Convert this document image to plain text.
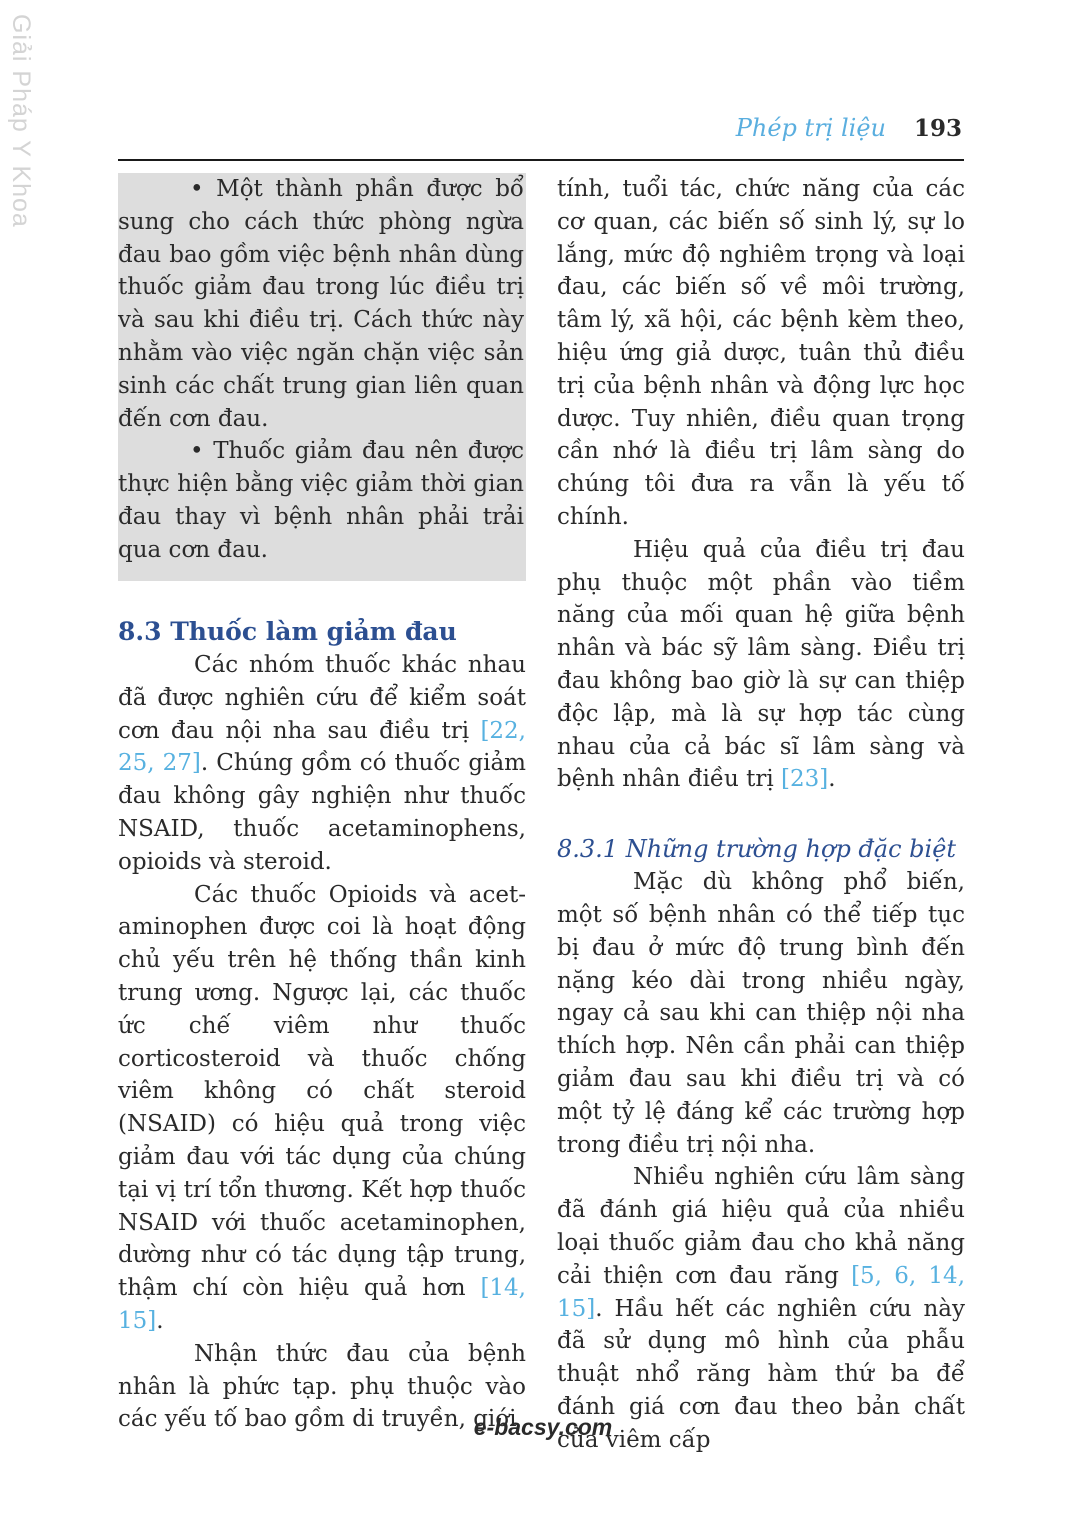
Giải Pháp Y Khoa	Phép trị liệu 193

• Một thành phần được bổ sung cho cách thức phòng ngừa đau bao gồm việc bệnh nhân dùng thuốc giảm đau trong lúc điều trị và sau khi điều trị. Cách thức này nhằm vào việc ngăn chặn việc sản sinh các chất trung gian liên quan đến cơn đau.

• Thuốc giảm đau nên được thực hiện bằng việc giảm thời gian đau thay vì bệnh nhân phải trải qua cơn đau.

8.3 Thuốc làm giảm đau

Các nhóm thuốc khác nhau đã được nghiên cứu để kiểm soát cơn đau nội nha sau điều trị [22, 25, 27]. Chúng gồm có thuốc giảm đau không gây nghiện như thuốc NSAID, thuốc acetaminophens, opioids và steroid.

Các thuốc Opioids và acetaminophen được coi là hoạt động chủ yếu trên hệ thống thần kinh trung ương. Ngược lại, các thuốc ức chế viêm như thuốc corticosteroid và thuốc chống viêm không có chất steroid (NSAID) có hiệu quả trong việc giảm đau với tác dụng của chúng tại vị trí tổn thương. Kết hợp thuốc NSAID với thuốc acetaminophen, dường như có tác dụng tập trung, thậm chí còn hiệu quả hơn [14, 15].

Nhận thức đau của bệnh nhân là phức tạp. phụ thuộc vào các yếu tố bao gồm di truyền, giới

tính, tuổi tác, chức năng của các cơ quan, các biến số sinh lý, sự lo lắng, mức độ nghiêm trọng và loại đau, các biến số về môi trường, tâm lý, xã hội, các bệnh kèm theo, hiệu ứng giả dược, tuân thủ điều trị của bệnh nhân và động lực học dược. Tuy nhiên, điều quan trọng cần nhớ là điều trị lâm sàng do chúng tôi đưa ra vẫn là yếu tố chính.

Hiệu quả của điều trị đau phụ thuộc một phần vào tiềm năng của mối quan hệ giữa bệnh nhân và bác sỹ lâm sàng. Điều trị đau không bao giờ là sự can thiệp độc lập, mà là sự hợp tác cùng nhau của cả bác sĩ lâm sàng và bệnh nhân điều trị [23].

8.3.1 Những trường hợp đặc biệt

Mặc dù không phổ biến, một số bệnh nhân có thể tiếp tục bị đau ở mức độ trung bình đến nặng kéo dài trong nhiều ngày, ngay cả sau khi can thiệp nội nha thích hợp. Nên cần phải can thiệp giảm đau sau khi điều trị và có một tỷ lệ đáng kể các trường hợp trong điều trị nội nha.

Nhiều nghiên cứu lâm sàng đã đánh giá hiệu quả của nhiều loại thuốc giảm đau cho khả năng cải thiện cơn đau răng [5, 6, 14, 15]. Hầu hết các nghiên cứu này đã sử dụng mô hình của phẫu thuật nhổ răng hàm thứ ba để đánh giá cơn đau theo bản chất của viêm cấp

e-bacsy.com
